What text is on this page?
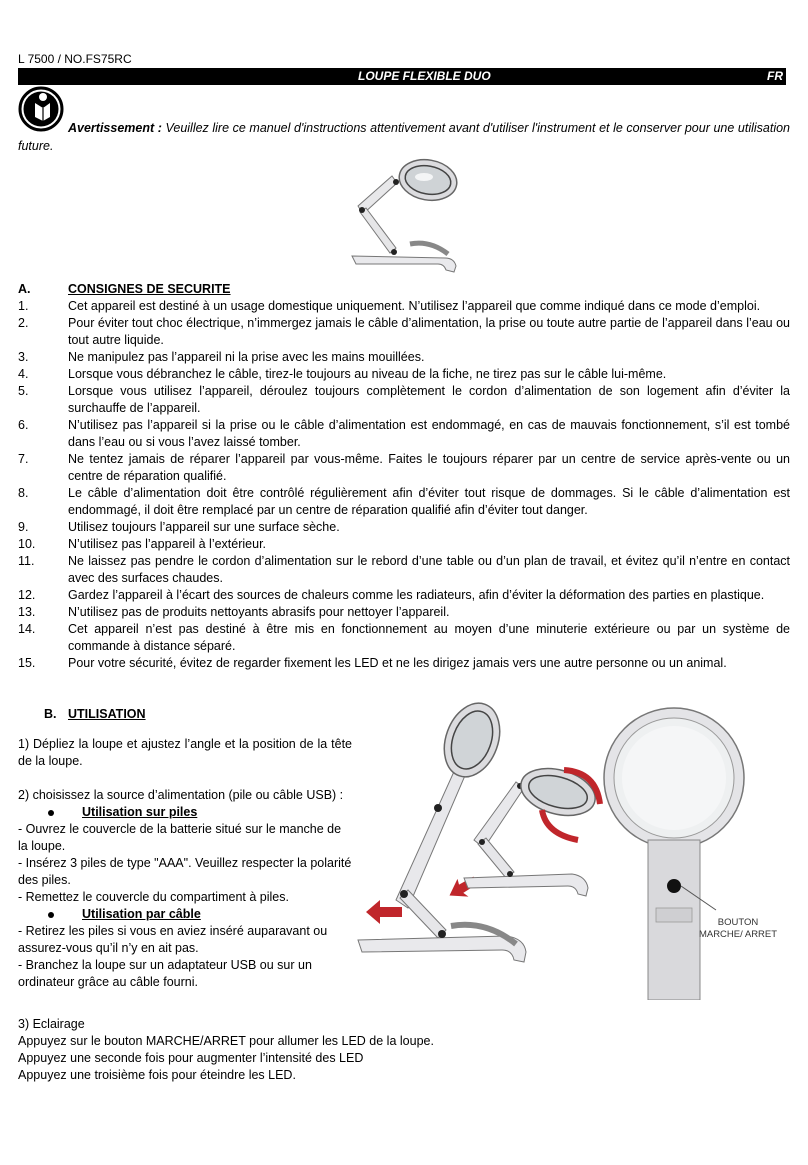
L 7500 / NO.FS75RC
LOUPE FLEXIBLE DUO	FR
Avertissement : Veuillez lire ce manuel d'instructions attentivement avant d'utiliser l'instrument et le conserver pour une utilisation future.
A.	CONSIGNES DE SECURITE
1.	Cet appareil est destiné à un usage domestique uniquement. N’utilisez l’appareil que comme indiqué dans ce mode d’emploi.
2.	Pour éviter tout choc électrique, n’immergez jamais le câble d’alimentation, la prise ou toute autre partie de l’appareil dans l’eau ou tout autre liquide.
3.	Ne manipulez pas l’appareil ni la prise avec les mains mouillées.
4.	Lorsque vous débranchez le câble, tirez-le toujours au niveau de la fiche, ne tirez pas sur le câble lui-même.
5.	Lorsque vous utilisez l’appareil, déroulez toujours complètement le cordon d’alimentation de son logement afin d’éviter la surchauffe de l’appareil.
6.	N’utilisez pas l’appareil si la prise ou le câble d’alimentation est endommagé, en cas de mauvais fonctionnement, s’il est tombé dans l’eau ou si vous l’avez laissé tomber.
7.	Ne tentez jamais de réparer l’appareil par vous-même. Faites le toujours réparer par un centre de service après-vente ou un centre de réparation qualifié.
8.	Le câble d’alimentation doit être contrôlé régulièrement afin d’éviter tout risque de dommages. Si le câble d’alimentation est endommagé, il doit être remplacé par un centre de réparation qualifié afin d’éviter tout danger.
9.	Utilisez toujours l’appareil sur une surface sèche.
10.	N’utilisez pas l’appareil à l’extérieur.
11.	Ne laissez pas pendre le cordon d’alimentation sur le rebord d’une table ou d’un plan de travail, et évitez qu’il n’entre en contact avec des surfaces chaudes.
12.	Gardez l’appareil à l’écart des sources de chaleurs comme les radiateurs, afin d’éviter la déformation des parties en plastique.
13.	N’utilisez pas de produits nettoyants abrasifs pour nettoyer l’appareil.
14.	Cet appareil n’est pas destiné à être mis en fonctionnement au moyen d’une minuterie extérieure ou par un système de commande à distance séparé.
15.	Pour votre sécurité, évitez de regarder fixement les LED et ne les dirigez jamais vers une autre personne ou un animal.
B. UTILISATION

1) Dépliez la loupe et ajustez l’angle et la position de la tête de la loupe.

2) choisissez la source d’alimentation (pile ou câble USB) :

Utilisation sur piles

- Ouvrez le couvercle de la batterie situé sur le manche de la loupe.

- Insérez 3 piles de type "AAA". Veuillez respecter la polarité des piles.

- Remettez le couvercle du compartiment à piles.

Utilisation par câble

- Retirez les piles si vous en aviez inséré auparavant ou assurez-vous qu’il n’y en ait pas.

- Branchez la loupe sur un adaptateur USB ou sur un ordinateur grâce au câble fourni.

3) Eclairage

Appuyez sur le bouton MARCHE/ARRET pour allumer les LED de la loupe.

Appuyez une seconde fois pour augmenter l’intensité des LED

Appuyez une troisième fois pour éteindre les LED.

BOUTON
MARCHE/ ARRET
